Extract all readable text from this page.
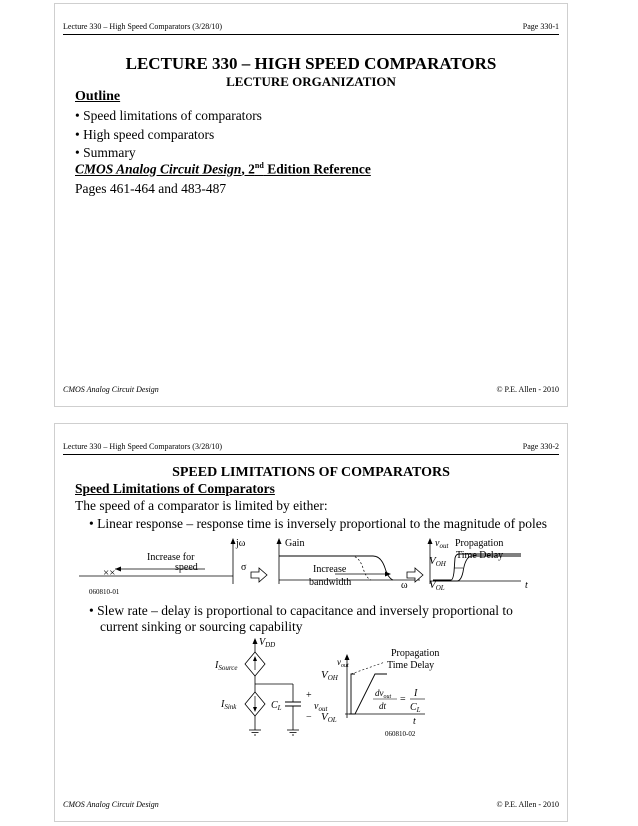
Lecture 330 – High Speed Comparators (3/28/10)	Page 330-1
LECTURE 330 – HIGH SPEED COMPARATORS
LECTURE ORGANIZATION
Outline
• Speed limitations of comparators
• High speed comparators
• Summary
CMOS Analog Circuit Design, 2nd Edition Reference
Pages 461-464 and 483-487
CMOS Analog Circuit Design	© P.E. Allen - 2010
Lecture 330 – High Speed Comparators (3/28/10)	Page 330-2
SPEED LIMITATIONS OF COMPARATORS
Speed Limitations of Comparators
The speed of a comparator is limited by either:
• Linear response – response time is inversely proportional to the magnitude of poles
jω
σ
××
Increase for
speed
060810-01
Gain
Increase
bandwidth	ω
$v_{out}$ Propagation
Time Delay
VOH
VOL	t
• Slew rate – delay is proportional to capacitance and inversely proportional to
current sinking or sourcing capability
$V_{DD}$
$I_{Source}$
$I_{Sink}$	$C_L$
+
−
$v_{out}$
$v_{out}$
Propagation
Time Delay
VOH
VOL
$dv_{out}$
dt
=
I
$C_L$
t
060810-02
CMOS Analog Circuit Design	© P.E. Allen - 2010
